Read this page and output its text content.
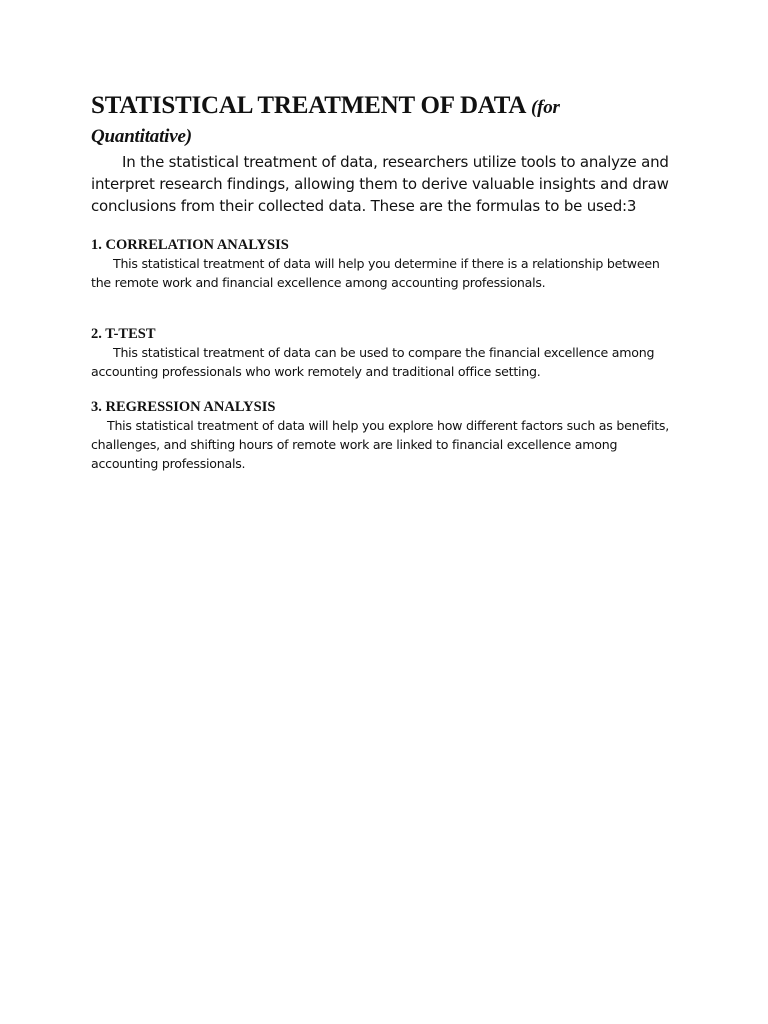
STATISTICAL TREATMENT OF DATA (for
Quantitative)

In the statistical treatment of data, researchers utilize tools to analyze and interpret research findings, allowing them to derive valuable insights and draw conclusions from their collected data. These are the formulas to be used:3

1. CORRELATION ANALYSIS

This statistical treatment of data will help you determine if there is a relationship between the remote work and financial excellence among accounting professionals.

2. T-TEST

This statistical treatment of data can be used to compare the financial excellence among accounting professionals who work remotely and traditional office setting.

3. REGRESSION ANALYSIS

This statistical treatment of data will help you explore how different factors such as benefits, challenges, and shifting hours of remote work are linked to financial excellence among accounting professionals.
